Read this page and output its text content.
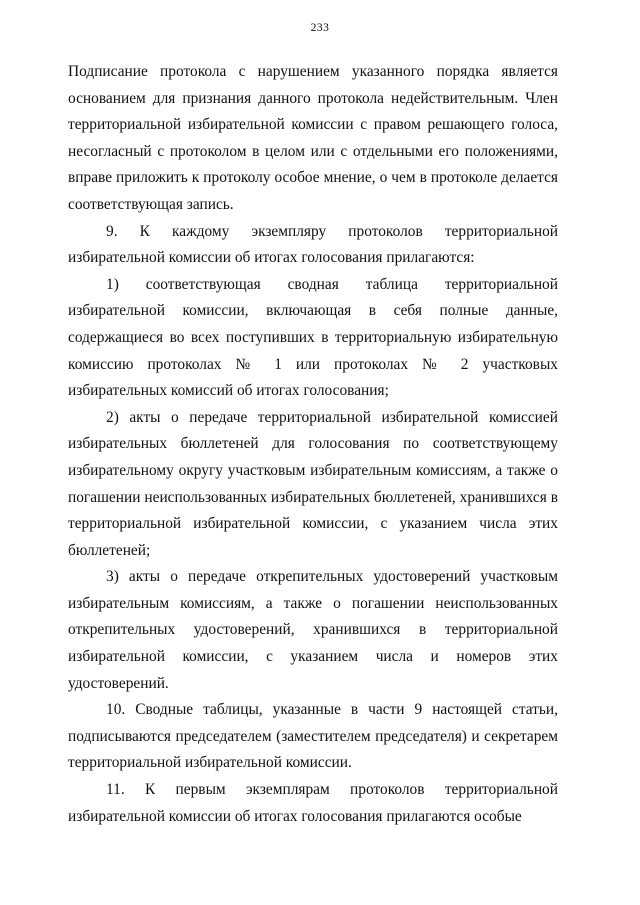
233

Подписание протокола с нарушением указанного порядка является основанием для признания данного протокола недействительным. Член территориальной избирательной комиссии с правом решающего голоса, несогласный с протоколом в целом или с отдельными его положениями, вправе приложить к протоколу особое мнение, о чем в протоколе делается соответствующая запись.

9. К каждому экземпляру протоколов территориальной избирательной комиссии об итогах голосования прилагаются:

1) соответствующая сводная таблица территориальной избирательной комиссии, включающая в себя полные данные, содержащиеся во всех поступивших в территориальную избирательную комиссию протоколах № 1 или протоколах № 2 участковых избирательных комиссий об итогах голосования;

2) акты о передаче территориальной избирательной комиссией избирательных бюллетеней для голосования по соответствующему избирательному округу участковым избирательным комиссиям, а также о погашении неиспользованных избирательных бюллетеней, хранившихся в территориальной избирательной комиссии, с указанием числа этих бюллетеней;

3) акты о передаче открепительных удостоверений участковым избирательным комиссиям, а также о погашении неиспользованных открепительных удостоверений, хранившихся в территориальной избирательной комиссии, с указанием числа и номеров этих удостоверений.

10. Сводные таблицы, указанные в части 9 настоящей статьи, подписываются председателем (заместителем председателя) и секретарем территориальной избирательной комиссии.

11. К первым экземплярам протоколов территориальной избирательной комиссии об итогах голосования прилагаются особые
